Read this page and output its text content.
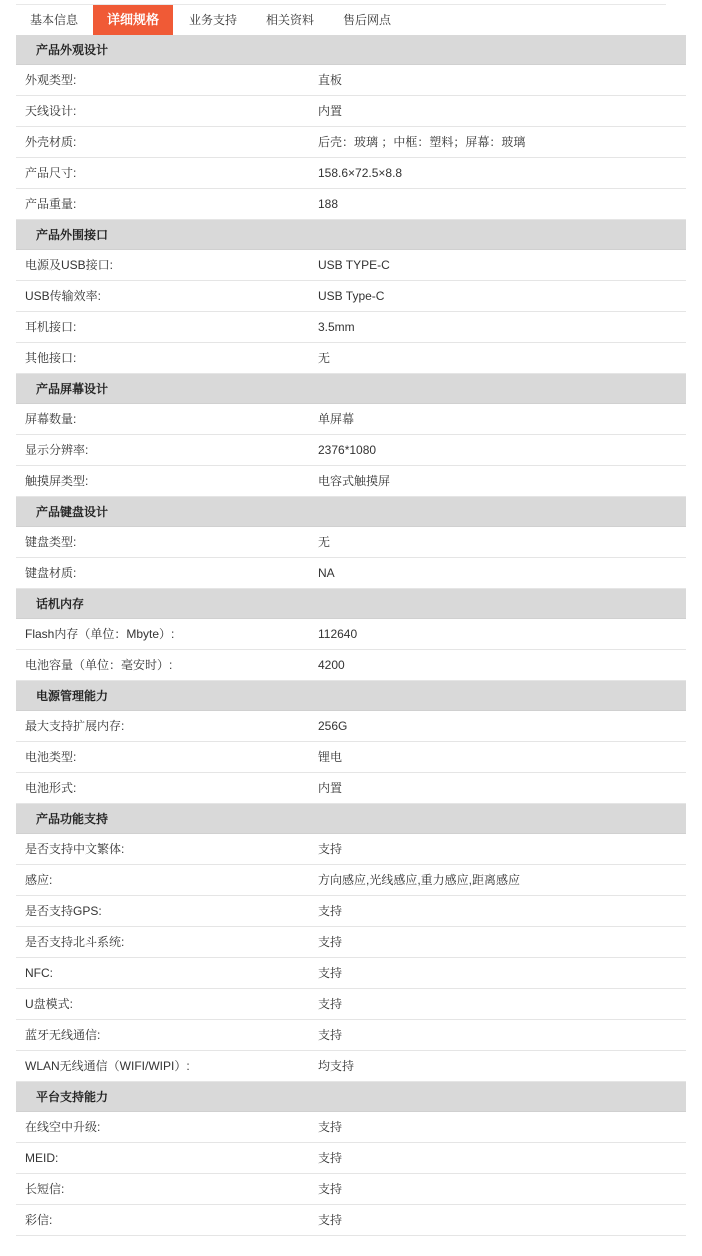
基本信息	详细规格	业务支持	相关资料	售后网点
产品外观设计
外观类型:	直板
天线设计:	内置
外壳材质:	后壳：玻璃 ；中框：塑料；屏幕：玻璃
产品尺寸:	158.6×72.5×8.8
产品重量:	188
产品外围接口
电源及USB接口:	USB TYPE-C
USB传输效率:	USB Type-C
耳机接口:	3.5mm
其他接口:	无
产品屏幕设计
屏幕数量:	单屏幕
显示分辨率:	2376*1080
触摸屏类型:	电容式触摸屏
产品键盘设计
键盘类型:	无
键盘材质:	NA
话机内存
Flash内存（单位：Mbyte）:	112640
电池容量（单位：毫安时）:	4200
电源管理能力
最大支持扩展内存:	256G
电池类型:	锂电
电池形式:	内置
产品功能支持
是否支持中文繁体:	支持
感应:	方向感应,光线感应,重力感应,距离感应
是否支持GPS:	支持
是否支持北斗系统:	支持
NFC:	支持
U盘模式:	支持
蓝牙无线通信:	支持
WLAN无线通信（WIFI/WIPI）:	均支持
平台支持能力
在线空中升级:	支持
MEID:	支持
长短信:	支持
彩信:	支持
